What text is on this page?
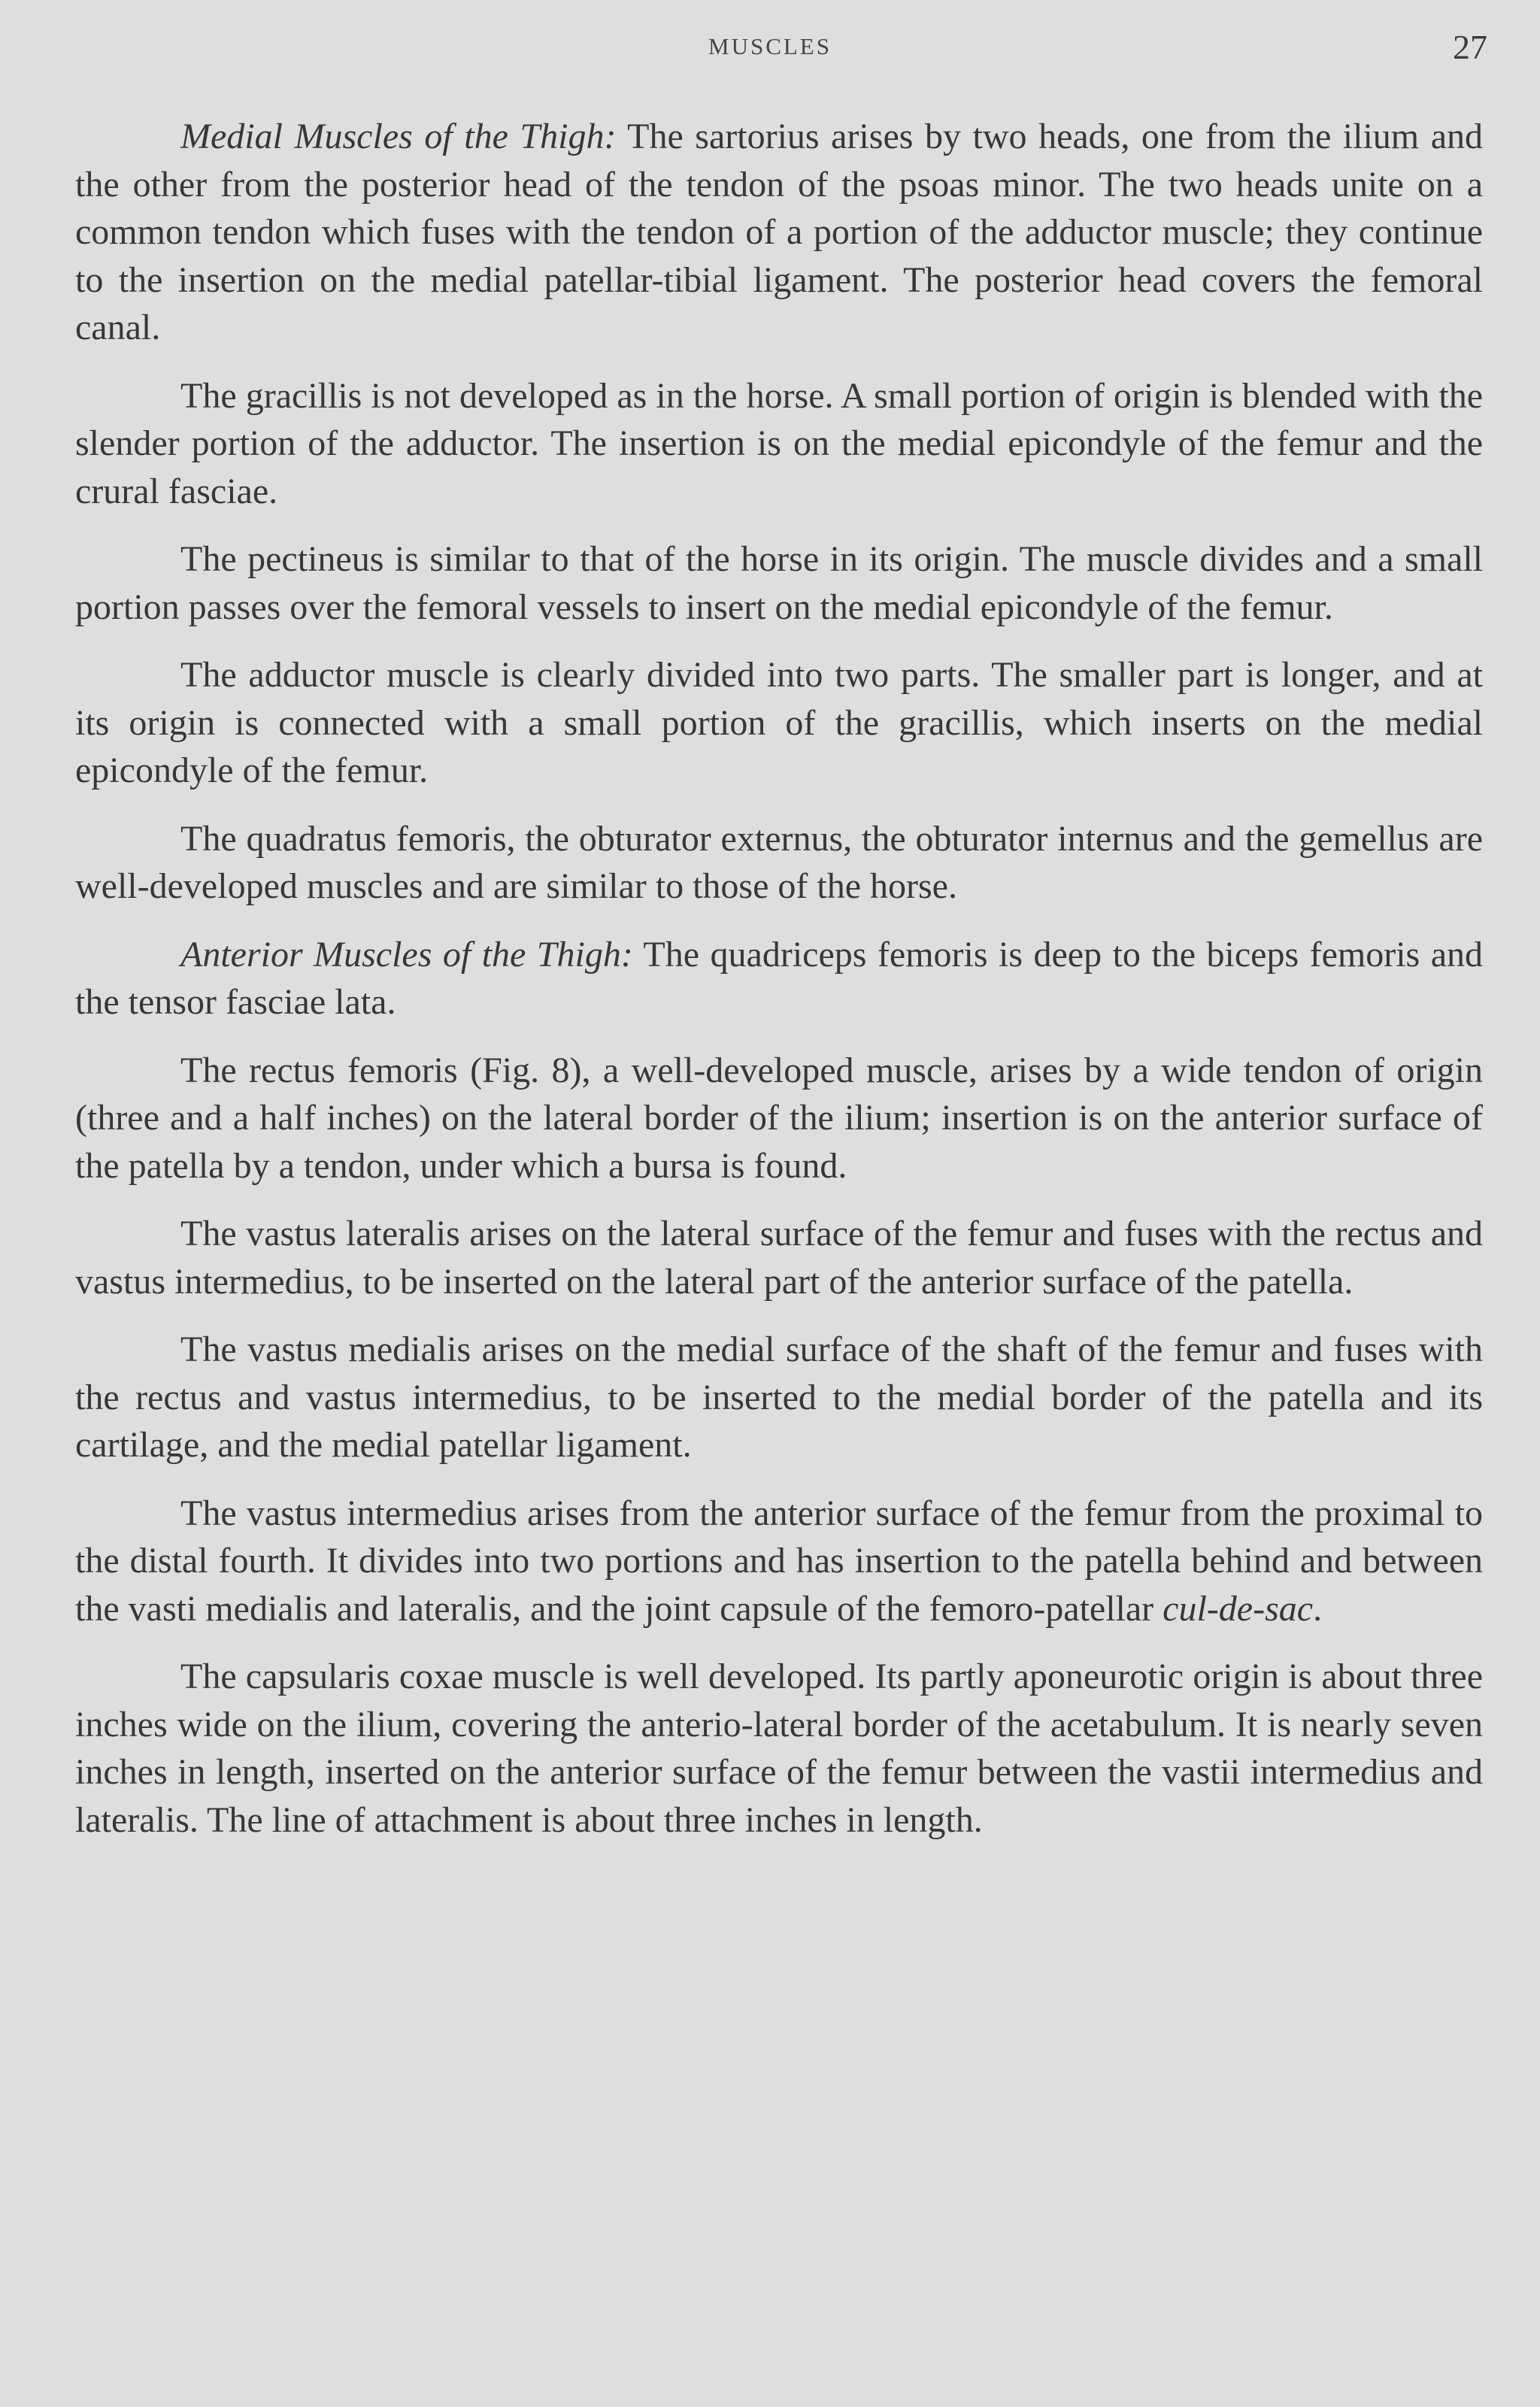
MUSCLES	27

Medial Muscles of the Thigh: The sartorius arises by two heads, one from the ilium and the other from the posterior head of the tendon of the psoas minor. The two heads unite on a common tendon which fuses with the tendon of a portion of the adductor muscle; they continue to the insertion on the medial patellar-tibial ligament. The posterior head covers the femoral canal.

The gracillis is not developed as in the horse. A small portion of origin is blended with the slender portion of the adductor. The insertion is on the medial epicondyle of the femur and the crural fasciae.

The pectineus is similar to that of the horse in its origin. The muscle divides and a small portion passes over the femoral vessels to insert on the medial epicondyle of the femur.

The adductor muscle is clearly divided into two parts. The smaller part is longer, and at its origin is connected with a small portion of the gracillis, which inserts on the medial epicondyle of the femur.

The quadratus femoris, the obturator externus, the obturator internus and the gemellus are well-developed muscles and are similar to those of the horse.

Anterior Muscles of the Thigh: The quadriceps femoris is deep to the biceps femoris and the tensor fasciae lata.

The rectus femoris (Fig. 8), a well-developed muscle, arises by a wide tendon of origin (three and a half inches) on the lateral border of the ilium; insertion is on the anterior surface of the patella by a tendon, under which a bursa is found.

The vastus lateralis arises on the lateral surface of the femur and fuses with the rectus and vastus intermedius, to be inserted on the lateral part of the anterior surface of the patella.

The vastus medialis arises on the medial surface of the shaft of the femur and fuses with the rectus and vastus intermedius, to be inserted to the medial border of the patella and its cartilage, and the medial patellar ligament.

The vastus intermedius arises from the anterior surface of the femur from the proximal to the distal fourth. It divides into two portions and has insertion to the patella behind and between the vasti medialis and lateralis, and the joint capsule of the femoro-patellar cul-de-sac.

The capsularis coxae muscle is well developed. Its partly aponeurotic origin is about three inches wide on the ilium, covering the anterio-lateral border of the acetabulum. It is nearly seven inches in length, inserted on the anterior surface of the femur between the vastii intermedius and lateralis. The line of attachment is about three inches in length.
